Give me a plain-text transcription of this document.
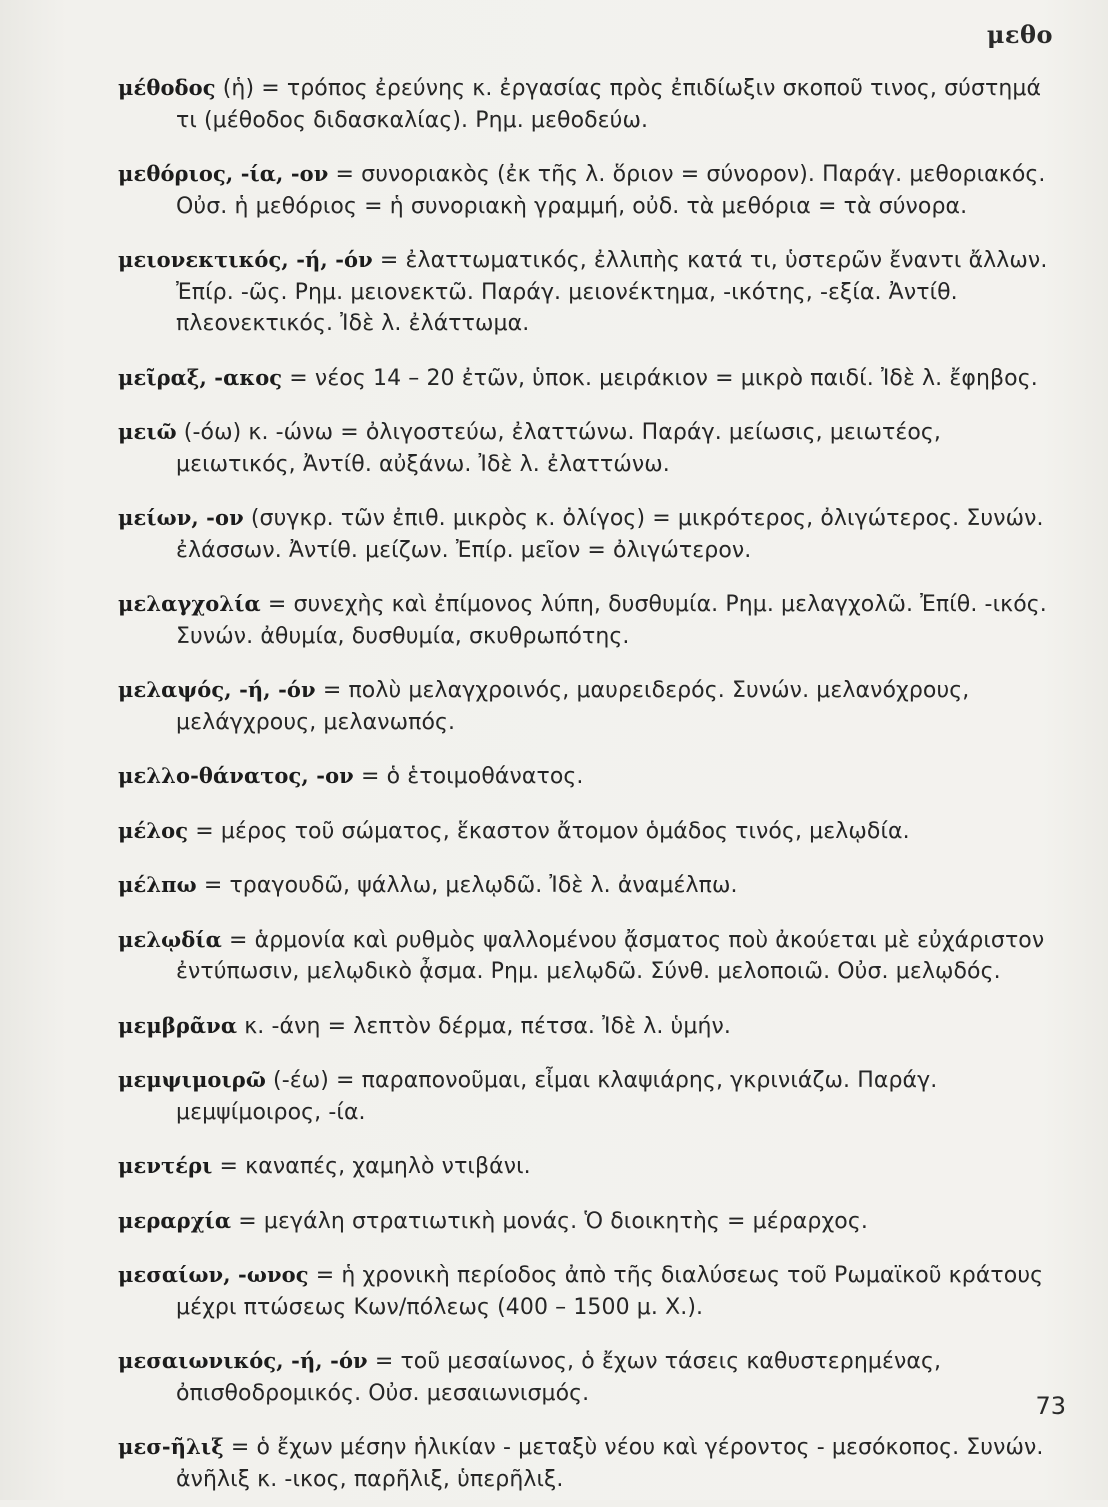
μεθο

μέθοδος (ἡ) = τρόπος ἐρεύνης κ. ἐργασίας πρὸς ἐπιδίωξιν σκοποῦ τινος, σύστημά τι (μέθοδος διδασκαλίας). Ρημ. μεθοδεύω.

μεθόριος, -ία, -ον = συνοριακὸς (ἐκ τῆς λ. ὅριον = σύνορον). Παράγ. μεθοριακός. Οὐσ. ἡ μεθόριος = ἡ συνοριακὴ γραμμή, οὐδ. τὰ μεθόρια = τὰ σύνορα.

μειονεκτικός, -ή, -όν = ἐλαττωματικός, ἐλλιπὴς κατά τι, ὑστερῶν ἔναντι ἄλλων. Ἐπίρ. -ῶς. Ρημ. μειονεκτῶ. Παράγ. μειονέκτημα, -ικότης, -εξία. Ἀντίθ. πλεονεκτικός. Ἰδὲ λ. ἐλάττωμα.

μεῖραξ, -ακος = νέος 14 – 20 ἐτῶν, ὑποκ. μειράκιον = μικρὸ παιδί. Ἰδὲ λ. ἔφηβος.

μειῶ (-όω) κ. -ώνω = ὀλιγοστεύω, ἐλαττώνω. Παράγ. μείωσις, μειωτέος, μειωτικός, Ἀντίθ. αὐξάνω. Ἰδὲ λ. ἐλαττώνω.

μείων, -ον (συγκρ. τῶν ἐπιθ. μικρὸς κ. ὀλίγος) = μικρότερος, ὀλιγώτερος. Συνών. ἐλάσσων. Ἀντίθ. μείζων. Ἐπίρ. μεῖον = ὀλιγώτερον.

μελαγχολία = συνεχὴς καὶ ἐπίμονος λύπη, δυσθυμία. Ρημ. μελαγχολῶ. Ἐπίθ. -ικός. Συνών. ἀθυμία, δυσθυμία, σκυθρωπότης.

μελαψός, -ή, -όν = πολὺ μελαγχροινός, μαυρειδερός. Συνών. μελανόχρους, μελάγχρους, μελανωπός.

μελλο-θάνατος, -ον = ὁ ἑτοιμοθάνατος.

μέλος = μέρος τοῦ σώματος, ἕκαστον ἄτομον ὁμάδος τινός, μελῳδία.

μέλπω = τραγουδῶ, ψάλλω, μελῳδῶ. Ἰδὲ λ. ἀναμέλπω.

μελῳδία = ἁρμονία καὶ ρυθμὸς ψαλλομένου ᾄσματος ποὺ ἀκούεται μὲ εὐχάριστον ἐντύπωσιν, μελῳδικὸ ᾆσμα. Ρημ. μελῳδῶ. Σύνθ. μελοποιῶ. Οὐσ. μελῳδός.

μεμβρᾶνα κ. -άνη = λεπτὸν δέρμα, πέτσα. Ἰδὲ λ. ὑμήν.

μεμψιμοιρῶ (-έω) = παραπονοῦμαι, εἶμαι κλαψιάρης, γκρινιάζω. Παράγ. μεμψίμοιρος, -ία.

μεντέρι = καναπές, χαμηλὸ ντιβάνι.

μεραρχία = μεγάλη στρατιωτικὴ μονάς. Ὁ διοικητὴς = μέραρχος.

μεσαίων, -ωνος = ἡ χρονικὴ περίοδος ἀπὸ τῆς διαλύσεως τοῦ Ρωμαϊκοῦ κράτους μέχρι πτώσεως Κων/πόλεως (400 – 1500 μ. Χ.).

μεσαιωνικός, -ή, -όν = τοῦ μεσαίωνος, ὁ ἔχων τάσεις καθυστερημένας, ὀπισθοδρομικός. Οὐσ. μεσαιωνισμός.

μεσ-ῆλιξ = ὁ ἔχων μέσην ἡλικίαν - μεταξὺ νέου καὶ γέροντος - μεσόκοπος. Συνών. ἀνῆλιξ κ. -ικος, παρῆλιξ, ὑπερῆλιξ.

73
